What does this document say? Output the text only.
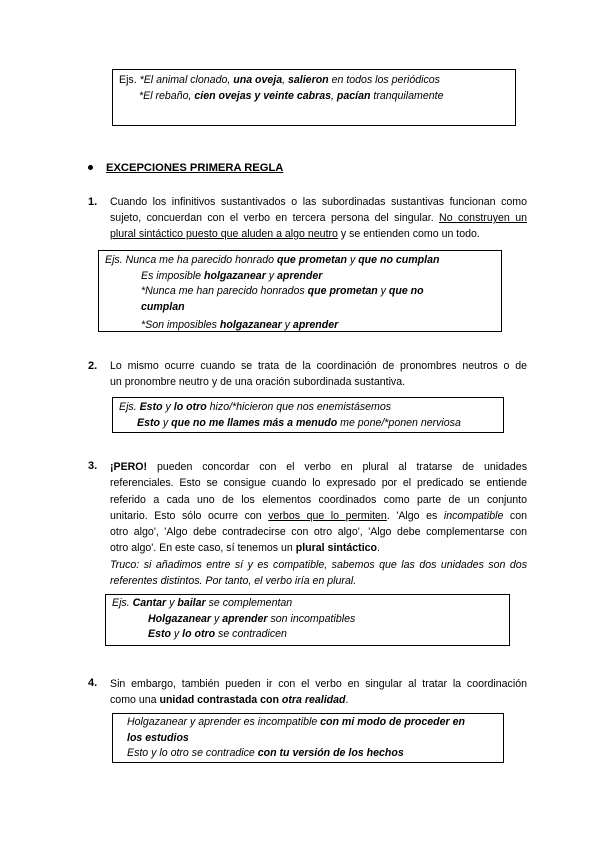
Ejs. *El animal clonado, una oveja, salieron en todos los periódicos
*El rebaño, cien ovejas y veinte cabras, pacían tranquilamente
EXCEPCIONES PRIMERA REGLA
1. Cuando los infinitivos sustantivados o las subordinadas sustantivas funcionan como
sujeto, concuerdan con el verbo en tercera persona del singular. No construyen un
plural sintáctico puesto que aluden a algo neutro y se entienden como un todo.
Ejs. Nunca me ha parecido honrado que prometan y que no cumplan
Es imposible holgazanear y aprender
*Nunca me han parecido honrados que prometan y que no
cumplan
*Son imposibles holgazanear y aprender
2. Lo mismo ocurre cuando se trata de la coordinación de pronombres neutros o de
un pronombre neutro y de una oración subordinada sustantiva.
Ejs. Esto y lo otro hizo/*hicieron que nos enemistásemos
Esto y que no me llames más a menudo me pone/*ponen nerviosa
3. ¡PERO! pueden concordar con el verbo en plural al tratarse de unidades
referenciales. Esto se consigue cuando lo expresado por el predicado se entiende
referido a cada uno de los elementos coordinados como parte de un conjunto
unitario. Esto sólo ocurre con verbos que lo permiten. 'Algo es incompatible con
otro algo', 'Algo debe contradecirse con otro algo', 'Algo debe complementarse con
otro algo'. En este caso, sí tenemos un plural sintáctico.
Truco: si añadimos entre sí y es compatible, sabemos que las dos unidades son dos
referentes distintos. Por tanto, el verbo iría en plural.
Ejs. Cantar y bailar se complementan
Holgazanear y aprender son incompatibles
Esto y lo otro se contradicen
4. Sin embargo, también pueden ir con el verbo en singular al tratar la coordinación
como una unidad contrastada con otra realidad.
Holgazanear y aprender es incompatible con mi modo de proceder en
los estudios
Esto y lo otro se contradice con tu versión de los hechos
